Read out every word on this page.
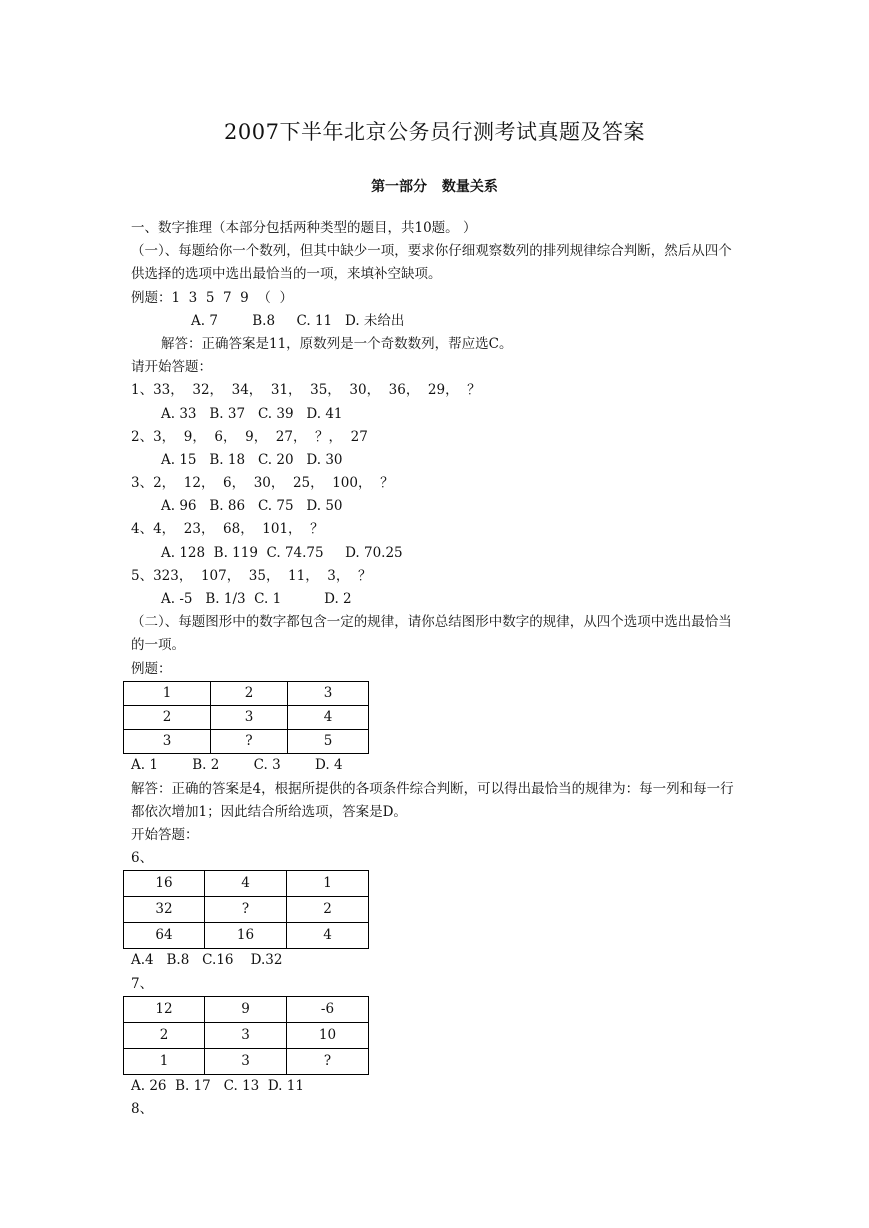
2007下半年北京公务员行测考试真题及答案
第一部分 数量关系
一、数字推理（本部分包括两种类型的题目，共10题。 ）
（一）、每题给你一个数列，但其中缺少一项，要求你仔细观察数列的排列规律综合判断，然后从四个供选择的选项中选出最恰当的一项，来填补空缺项。
例题：1  3  5  7  9  （  ）
A. 7        B.8     C. 11   D. 未给出
解答：正确答案是11，原数列是一个奇数数列，帮应选C。
请开始答题：
1、33，  32，  34，  31，  35，  30，  36，  29，  ？
A. 33   B. 37   C. 39   D. 41
2、3，  9，  6，  9，  27，  ？，  27
A. 15   B. 18   C. 20   D. 30
3、2，  12，  6，  30，  25，  100，  ？
A. 96   B. 86   C. 75   D. 50
4、4，  23，  68，  101，  ？
A. 128  B. 119  C. 74.75     D. 70.25
5、323，  107，  35，  11，  3，  ？
A. -5   B. 1/3  C. 1          D. 2
（二）、每题图形中的数字都包含一定的规律，请你总结图形中数字的规律，从四个选项中选出最恰当的一项。
例题：
1	2	3
2	3	4
3	?	5
A. 1        B. 2        C. 3        D. 4
解答：正确的答案是4，根据所提供的各项条件综合判断，可以得出最恰当的规律为：每一列和每一行都依次增加1；因此结合所给选项，答案是D。
开始答题：
6、
16	4	1
32	?	2
64	16	4
A.4   B.8   C.16    D.32
7、
12	9	-6
2	3	10
1	3	?
A. 26  B. 17   C. 13  D. 11
8、
